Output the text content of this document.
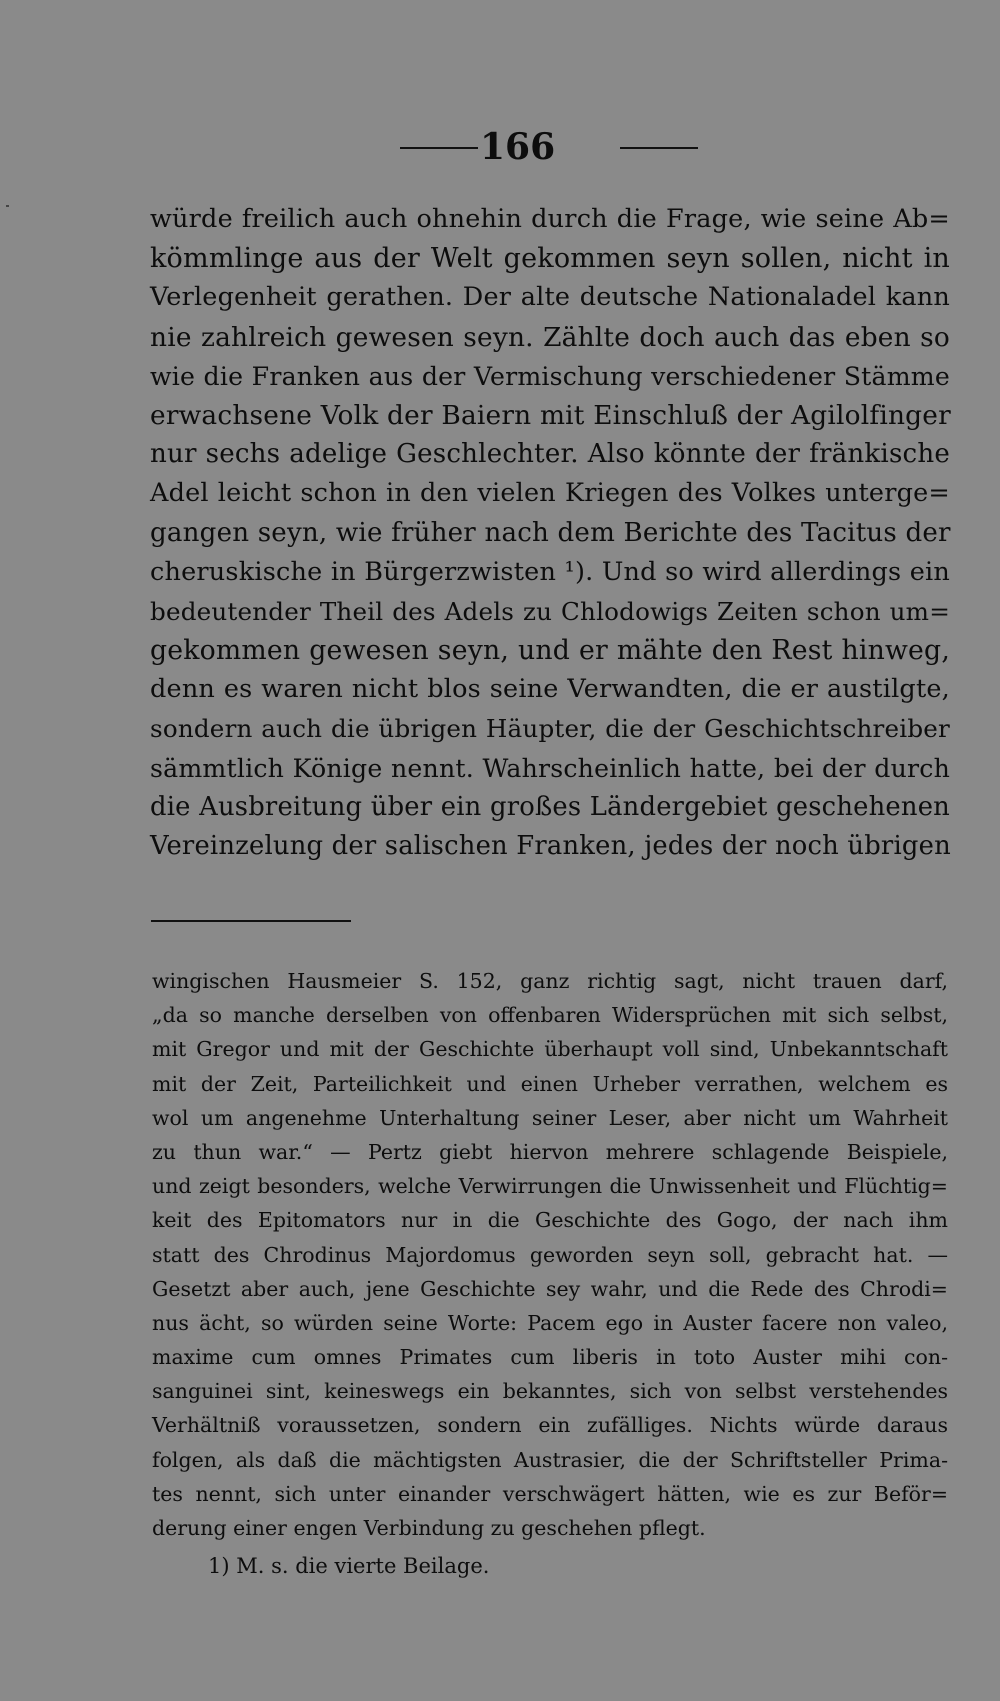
166
würde freilich auch ohnehin durch die Frage, wie seine Ab=
kömmlinge aus der Welt gekommen seyn sollen, nicht in
Verlegenheit gerathen. Der alte deutsche Nationaladel kann
nie zahlreich gewesen seyn. Zählte doch auch das eben so
wie die Franken aus der Vermischung verschiedener Stämme
erwachsene Volk der Baiern mit Einschluß der Agilolfinger
nur sechs adelige Geschlechter. Also könnte der fränkische
Adel leicht schon in den vielen Kriegen des Volkes unterge=
gangen seyn, wie früher nach dem Berichte des Tacitus der
cheruskische in Bürgerzwisten ¹). Und so wird allerdings ein
bedeutender Theil des Adels zu Chlodowigs Zeiten schon um=
gekommen gewesen seyn, und er mähte den Rest hinweg,
denn es waren nicht blos seine Verwandten, die er austilgte,
sondern auch die übrigen Häupter, die der Geschichtschreiber
sämmtlich Könige nennt. Wahrscheinlich hatte, bei der durch
die Ausbreitung über ein großes Ländergebiet geschehenen
Vereinzelung der salischen Franken, jedes der noch übrigen
wingischen Hausmeier S. 152, ganz richtig sagt, nicht trauen darf,
„da so manche derselben von offenbaren Widersprüchen mit sich selbst,
mit Gregor und mit der Geschichte überhaupt voll sind, Unbekanntschaft
mit der Zeit, Parteilichkeit und einen Urheber verrathen, welchem es
wol um angenehme Unterhaltung seiner Leser, aber nicht um Wahrheit
zu thun war.“ — Pertz giebt hiervon mehrere schlagende Beispiele,
und zeigt besonders, welche Verwirrungen die Unwissenheit und Flüchtig=
keit des Epitomators nur in die Geschichte des Gogo, der nach ihm
statt des Chrodinus Majordomus geworden seyn soll, gebracht hat. —
Gesetzt aber auch, jene Geschichte sey wahr, und die Rede des Chrodi=
nus ächt, so würden seine Worte: Pacem ego in Auster facere non valeo,
maxime cum omnes Primates cum liberis in toto Auster mihi con-
sanguinei sint, keineswegs ein bekanntes, sich von selbst verstehendes
Verhältniß voraussetzen, sondern ein zufälliges. Nichts würde daraus
folgen, als daß die mächtigsten Austrasier, die der Schriftsteller Prima-
tes nennt, sich unter einander verschwägert hätten, wie es zur Beför=
derung einer engen Verbindung zu geschehen pflegt.
1) M. s. die vierte Beilage.
